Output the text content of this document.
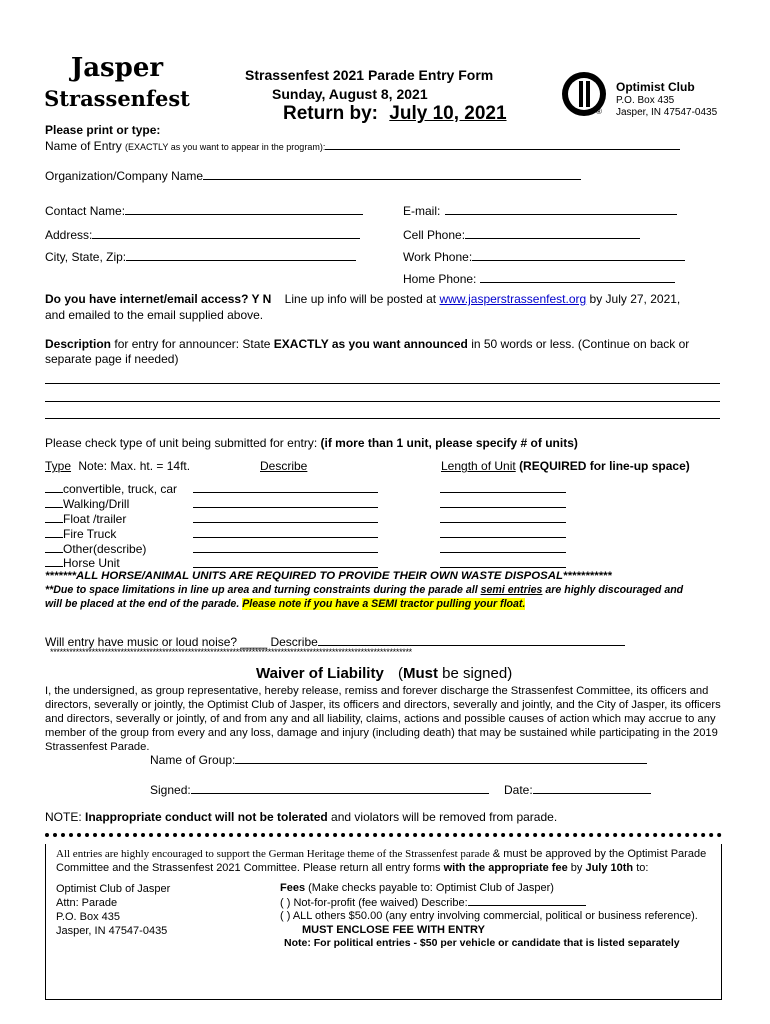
Jasper
Strassenfest
Strassenfest 2021 Parade Entry Form
Sunday, August 8, 2021
Return by: July 10, 2021	®
Optimist Club
P.O. Box 435
Jasper, IN 47547-0435
Please print or type:
Name of Entry (EXACTLY as you want to appear in the program):
Organization/Company Name
Contact Name:	E-mail:
Address:	Cell Phone:
City, State, Zip:	Work Phone:
Home Phone:
Do you have internet/email access? Y N Line up info will be posted at www.jasperstrassenfest.org by July 27, 2021,
and emailed to the email supplied above.
Description for entry for announcer: State EXACTLY as you want announced in 50 words or less. (Continue on back or
separate page if needed)
Please check type of unit being submitted for entry: (if more than 1 unit, please specify # of units)
Type Note: Max. ht. = 14ft.	Describe	Length of Unit (REQUIRED for line-up space)
convertible, truck, car
Walking/Drill
Float /trailer
Fire Truck
Other(describe)
Horse Unit
*******ALL HORSE/ANIMAL UNITS ARE REQUIRED TO PROVIDE THEIR OWN WASTE DISPOSAL***********
**Due to space limitations in line up area and turning constraints during the parade all semi entries are highly discouraged and
will be placed at the end of the parade. Please note if you have a SEMI tractor pulling your float.
Will entry have music or loud noise? ____ Describe
*****************************************************************************************************************
Waiver of Liability (Must be signed)
I, the undersigned, as group representative, hereby release, remiss and forever discharge the Strassenfest Committee, its officers and directors, severally or jointly, the Optimist Club of Jasper, its officers and directors, severally and jointly, and the City of Jasper, its officers and directors, severally or jointly, of and from any and all liability, claims, actions and possible causes of action which may accrue to any member of the group from every and any loss, damage and injury (including death) that may be sustained while participating in the 2019 Strassenfest Parade.
Name of Group:
Signed:	Date:
NOTE: Inappropriate conduct will not be tolerated and violators will be removed from parade.
All entries are highly encouraged to support the German Heritage theme of the Strassenfest parade & must be approved by the Optimist Parade
Committee and the Strassenfest 2021 Committee. Please return all entry forms with the appropriate fee by July 10th to:
Optimist Club of Jasper
Attn: Parade
P.O. Box 435
Jasper, IN 47547-0435
Fees (Make checks payable to: Optimist Club of Jasper)
( ) Not-for-profit (fee waived) Describe:
( ) ALL others $50.00 (any entry involving commercial, political or business reference).
MUST ENCLOSE FEE WITH ENTRY
Note: For political entries - $50 per vehicle or candidate that is listed separately
